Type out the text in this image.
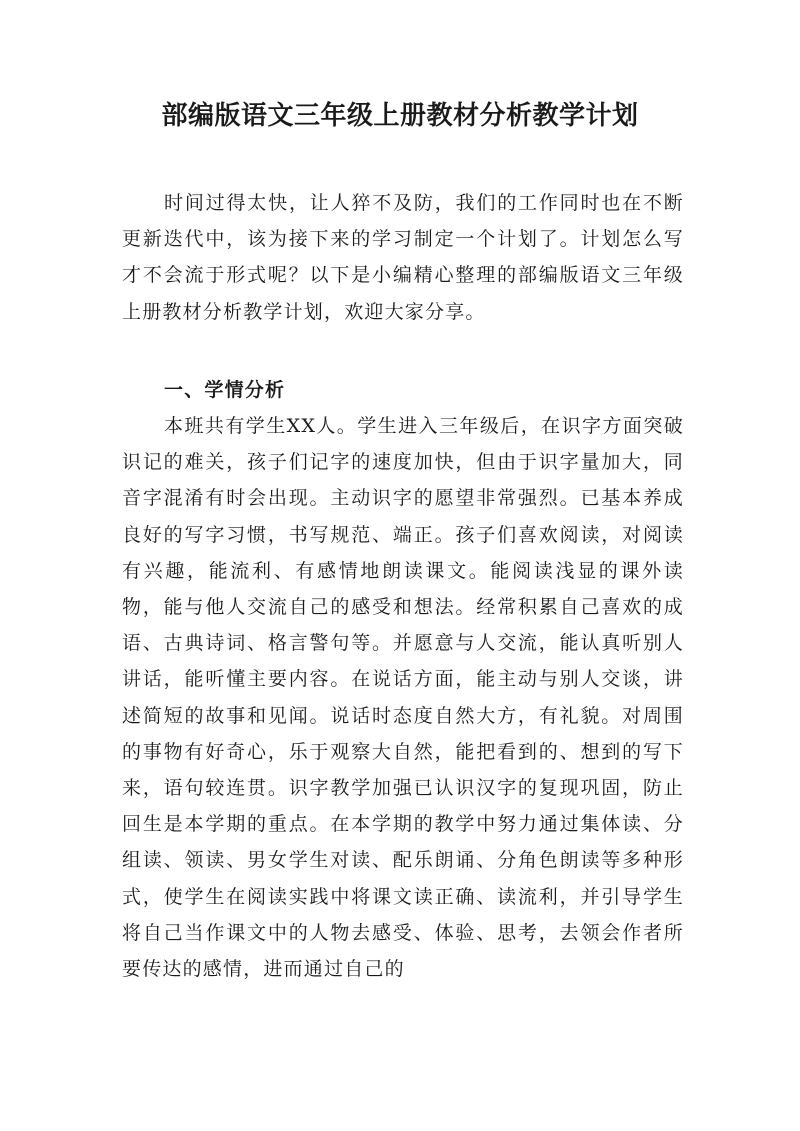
部编版语文三年级上册教材分析教学计划

时间过得太快，让人猝不及防，我们的工作同时也在不断更新迭代中，该为接下来的学习制定一个计划了。计划怎么写才不会流于形式呢？以下是小编精心整理的部编版语文三年级上册教材分析教学计划，欢迎大家分享。

一、学情分析

本班共有学生XX人。学生进入三年级后，在识字方面突破识记的难关，孩子们记字的速度加快，但由于识字量加大，同音字混淆有时会出现。主动识字的愿望非常强烈。已基本养成良好的写字习惯，书写规范、端正。孩子们喜欢阅读，对阅读有兴趣，能流利、有感情地朗读课文。能阅读浅显的课外读物，能与他人交流自己的感受和想法。经常积累自己喜欢的成语、古典诗词、格言警句等。并愿意与人交流，能认真听别人讲话，能听懂主要内容。在说话方面，能主动与别人交谈，讲述简短的故事和见闻。说话时态度自然大方，有礼貌。对周围的事物有好奇心，乐于观察大自然，能把看到的、想到的写下来，语句较连贯。识字教学加强已认识汉字的复现巩固，防止回生是本学期的重点。在本学期的教学中努力通过集体读、分组读、领读、男女学生对读、配乐朗诵、分角色朗读等多种形式，使学生在阅读实践中将课文读正确、读流利，并引导学生将自己当作课文中的人物去感受、体验、思考，去领会作者所要传达的感情，进而通过自己的
